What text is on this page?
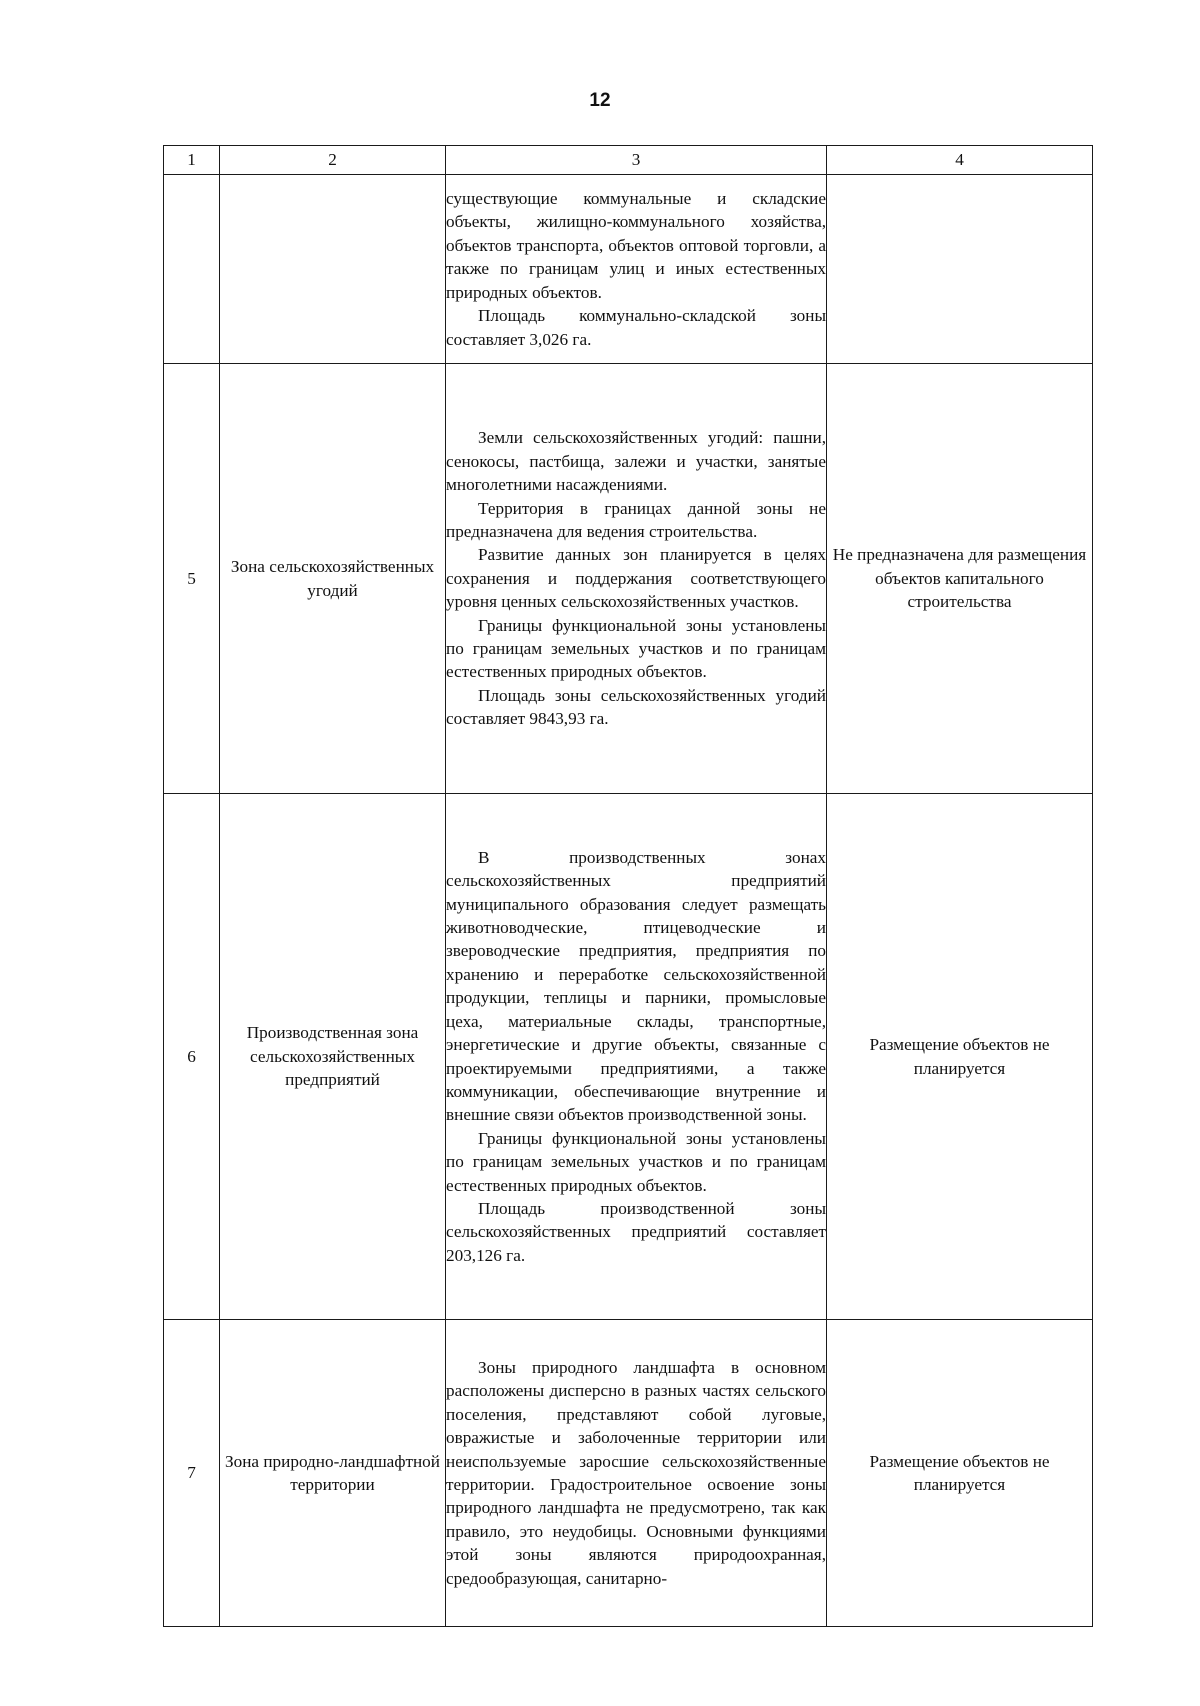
12
1	2	3	4

		существующие коммунальные и складские объекты, жилищно-коммунального хозяйства, объектов транспорта, объектов оптовой торговли, а также по границам улиц и иных естественных природных объектов.

Площадь коммунально-складской зоны составляет 3,026 га.	

5	Зона сельскохозяйственных угодий	Земли сельскохозяйственных угодий: пашни, сенокосы, пастбища, залежи и участки, занятые многолетними насаждениями.

Территория в границах данной зоны не предназначена для ведения строительства.

Развитие данных зон планируется в целях сохранения и поддержания соответствующего уровня ценных сельскохозяйственных участков.

Границы функциональной зоны установлены по границам земельных участков и по границам естественных природных объектов.

Площадь зоны сельскохозяйственных угодий составляет 9843,93 га.	Не предназначена для размещения объектов капитального строительства
6	Производственная зона сельскохозяйственных предприятий	В производственных зонах сельскохозяйственных предприятий муниципального образования следует размещать животноводческие, птицеводческие и звероводческие предприятия, предприятия по хранению и переработке сельскохозяйственной продукции, теплицы и парники, промысловые цеха, материальные склады, транспортные, энергетические и другие объекты, связанные с проектируемыми предприятиями, а также коммуникации, обеспечивающие внутренние и внешние связи объектов производственной зоны.

Границы функциональной зоны установлены по границам земельных участков и по границам естественных природных объектов.

Площадь производственной зоны сельскохозяйственных предприятий составляет 203,126 га.	Размещение объектов не планируется
7	Зона природно-ландшафтной территории	Зоны природного ландшафта в основном расположены дисперсно в разных частях сельского поселения, представляют собой луговые, овражистые и заболоченные территории или неиспользуемые заросшие сельскохозяйственные территории. Градостроительное освоение зоны природного ландшафта не предусмотрено, так как правило, это неудобицы. Основными функциями этой зоны являются природоохранная, средообразующая, санитарно-	Размещение объектов не планируется
